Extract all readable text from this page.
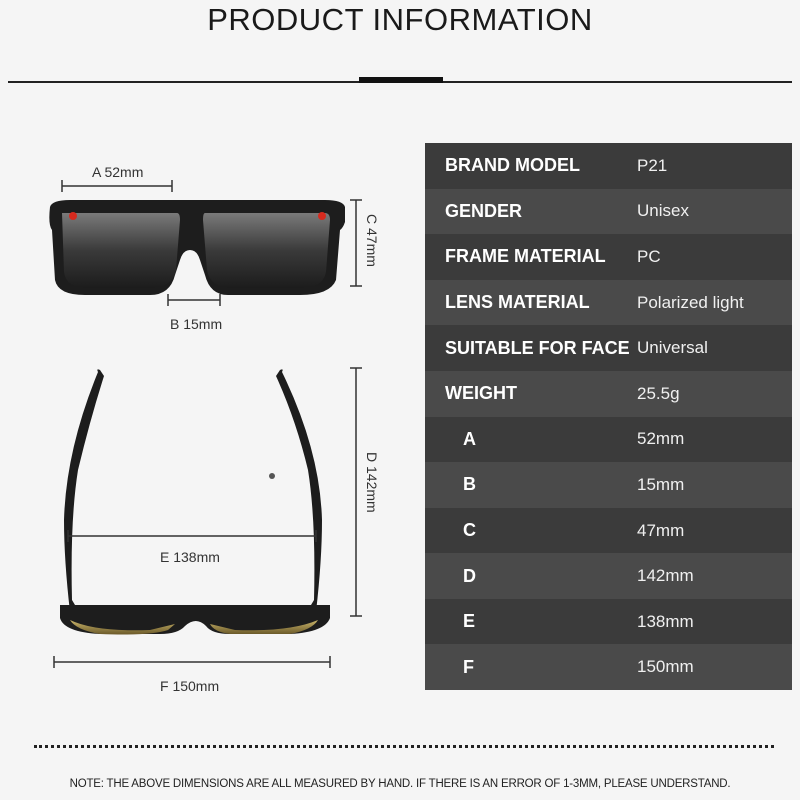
PRODUCT INFORMATION
A 52mm
B 15mm
C 47mm
D 142mm
E 138mm
F 150mm
BRAND MODEL	P21
GENDER	Unisex
FRAME MATERIAL	PC
LENS MATERIAL	Polarized light
SUITABLE FOR FACE Universal
WEIGHT	25.5g
A	52mm
B	15mm
C	47mm
D	142mm
E	138mm
F	150mm
NOTE: THE ABOVE DIMENSIONS ARE ALL MEASURED BY HAND. IF THERE IS AN ERROR OF 1-3MM, PLEASE UNDERSTAND.
